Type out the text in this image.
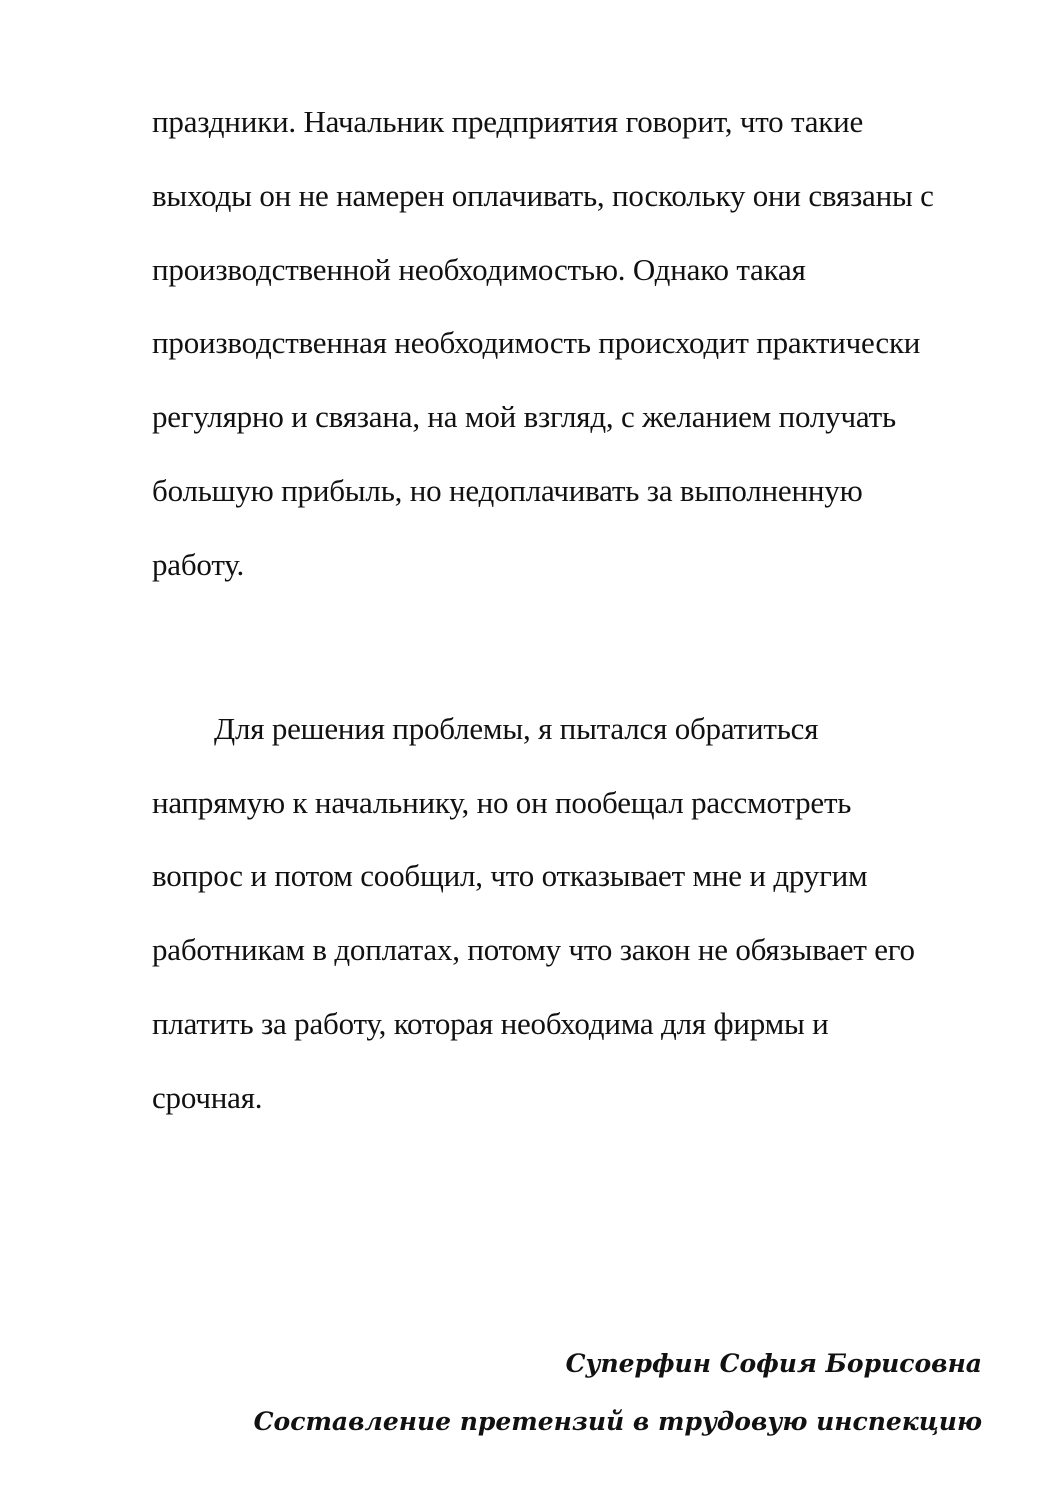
праздники. Начальник предприятия говорит, что такие
выходы он не намерен оплачивать, поскольку они связаны с
производственной необходимостью. Однако такая
производственная необходимость происходит практически
регулярно и связана, на мой взгляд, с желанием получать
большую прибыль, но недоплачивать за выполненную
работу.
Для решения проблемы, я пытался обратиться
напрямую к начальнику, но он пообещал рассмотреть
вопрос и потом сообщил, что отказывает мне и другим
работникам в доплатах, потому что закон не обязывает его
платить за работу, которая необходима для фирмы и
срочная.
Суперфин София Борисовна
Составление претензий в трудовую инспекцию
